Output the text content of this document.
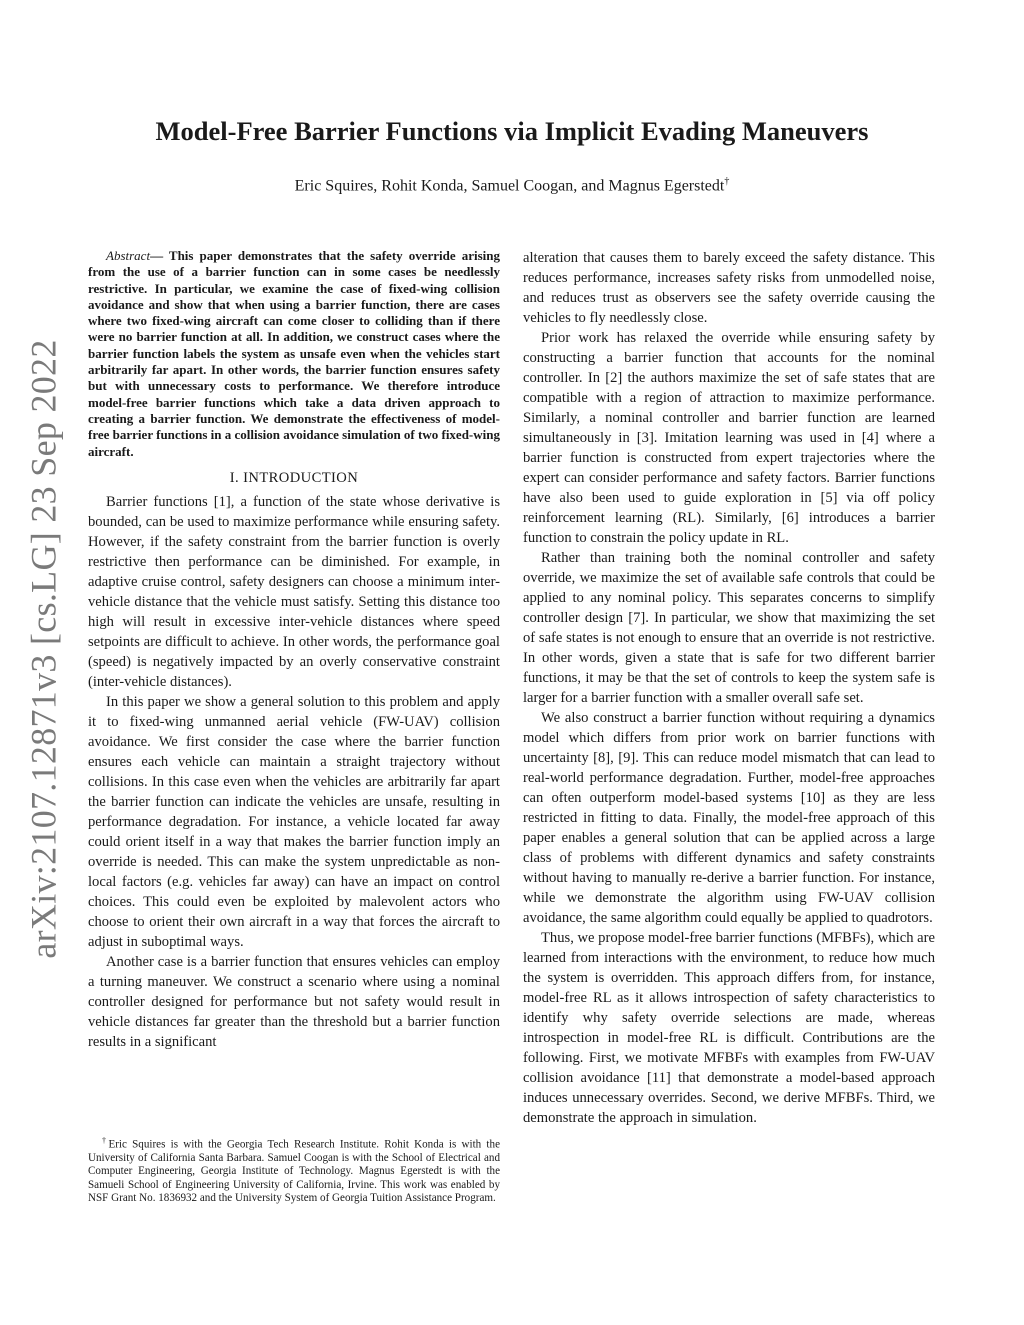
arXiv:2107.12871v3 [cs.LG] 23 Sep 2022
Model-Free Barrier Functions via Implicit Evading Maneuvers

Eric Squires, Rohit Konda, Samuel Coogan, and Magnus Egerstedt†

Abstract— This paper demonstrates that the safety override arising from the use of a barrier function can in some cases be needlessly restrictive. In particular, we examine the case of fixed-wing collision avoidance and show that when using a barrier function, there are cases where two fixed-wing aircraft can come closer to colliding than if there were no barrier function at all. In addition, we construct cases where the barrier function labels the system as unsafe even when the vehicles start arbitrarily far apart. In other words, the barrier function ensures safety but with unnecessary costs to performance. We therefore introduce model-free barrier functions which take a data driven approach to creating a barrier function. We demonstrate the effectiveness of model-free barrier functions in a collision avoidance simulation of two fixed-wing aircraft.

I. INTRODUCTION

Barrier functions [1], a function of the state whose derivative is bounded, can be used to maximize performance while ensuring safety. However, if the safety constraint from the barrier function is overly restrictive then performance can be diminished. For example, in adaptive cruise control, safety designers can choose a minimum inter-vehicle distance that the vehicle must satisfy. Setting this distance too high will result in excessive inter-vehicle distances where speed setpoints are difficult to achieve. In other words, the performance goal (speed) is negatively impacted by an overly conservative constraint (inter-vehicle distances).

In this paper we show a general solution to this problem and apply it to fixed-wing unmanned aerial vehicle (FW-UAV) collision avoidance. We first consider the case where the barrier function ensures each vehicle can maintain a straight trajectory without collisions. In this case even when the vehicles are arbitrarily far apart the barrier function can indicate the vehicles are unsafe, resulting in performance degradation. For instance, a vehicle located far away could orient itself in a way that makes the barrier function imply an override is needed. This can make the system unpredictable as non-local factors (e.g. vehicles far away) can have an impact on control choices. This could even be exploited by malevolent actors who choose to orient their own aircraft in a way that forces the aircraft to adjust in suboptimal ways.

Another case is a barrier function that ensures vehicles can employ a turning maneuver. We construct a scenario where using a nominal controller designed for performance but not safety would result in vehicle distances far greater than the threshold but a barrier function results in a significant

†Eric Squires is with the Georgia Tech Research Institute. Rohit Konda is with the University of California Santa Barbara. Samuel Coogan is with the School of Electrical and Computer Engineering, Georgia Institute of Technology. Magnus Egerstedt is with the Samueli School of Engineering University of California, Irvine. This work was enabled by NSF Grant No. 1836932 and the University System of Georgia Tuition Assistance Program.

alteration that causes them to barely exceed the safety distance. This reduces performance, increases safety risks from unmodelled noise, and reduces trust as observers see the safety override causing the vehicles to fly needlessly close.

Prior work has relaxed the override while ensuring safety by constructing a barrier function that accounts for the nominal controller. In [2] the authors maximize the set of safe states that are compatible with a region of attraction to maximize performance. Similarly, a nominal controller and barrier function are learned simultaneously in [3]. Imitation learning was used in [4] where a barrier function is constructed from expert trajectories where the expert can consider performance and safety factors. Barrier functions have also been used to guide exploration in [5] via off policy reinforcement learning (RL). Similarly, [6] introduces a barrier function to constrain the policy update in RL.

Rather than training both the nominal controller and safety override, we maximize the set of available safe controls that could be applied to any nominal policy. This separates concerns to simplify controller design [7]. In particular, we show that maximizing the set of safe states is not enough to ensure that an override is not restrictive. In other words, given a state that is safe for two different barrier functions, it may be that the set of controls to keep the system safe is larger for a barrier function with a smaller overall safe set.

We also construct a barrier function without requiring a dynamics model which differs from prior work on barrier functions with uncertainty [8], [9]. This can reduce model mismatch that can lead to real-world performance degradation. Further, model-free approaches can often outperform model-based systems [10] as they are less restricted in fitting to data. Finally, the model-free approach of this paper enables a general solution that can be applied across a large class of problems with different dynamics and safety constraints without having to manually re-derive a barrier function. For instance, while we demonstrate the algorithm using FW-UAV collision avoidance, the same algorithm could equally be applied to quadrotors.

Thus, we propose model-free barrier functions (MFBFs), which are learned from interactions with the environment, to reduce how much the system is overridden. This approach differs from, for instance, model-free RL as it allows introspection of safety characteristics to identify why safety override selections are made, whereas introspection in model-free RL is difficult. Contributions are the following. First, we motivate MFBFs with examples from FW-UAV collision avoidance [11] that demonstrate a model-based approach induces unnecessary overrides. Second, we derive MFBFs. Third, we demonstrate the approach in simulation.
